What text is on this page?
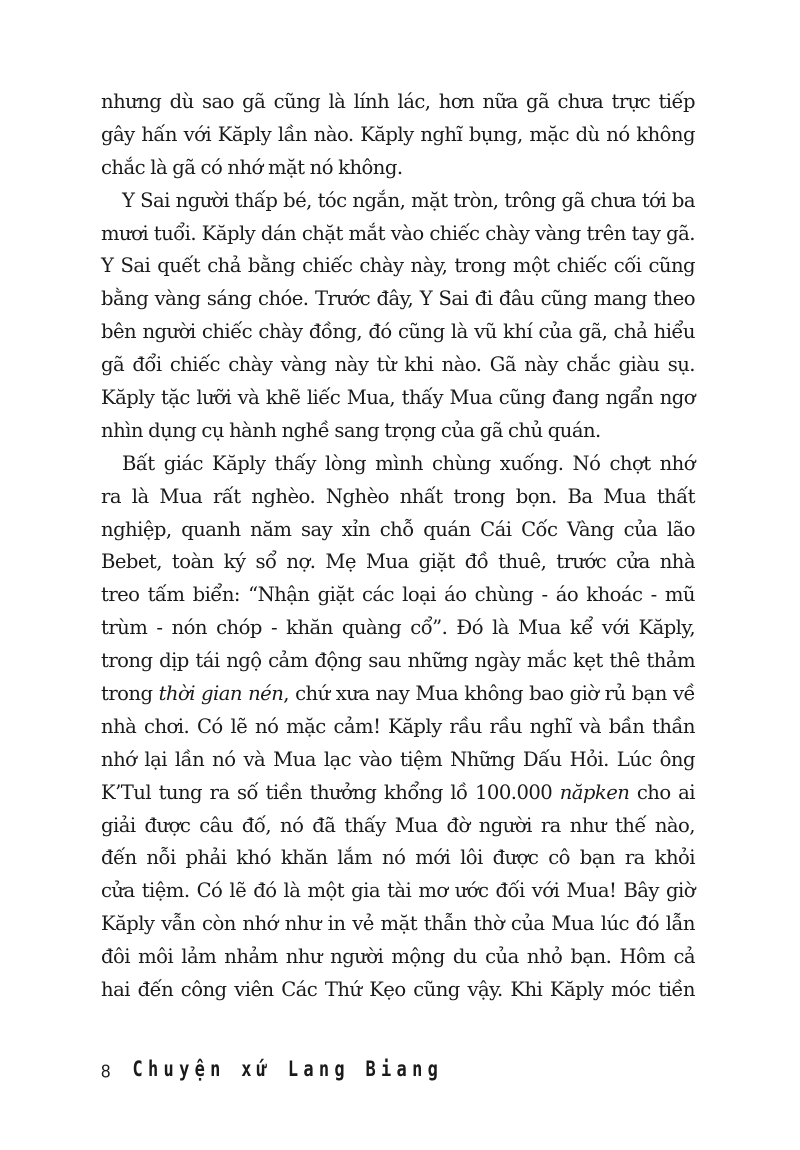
nhưng dù sao gã cũng là lính lác, hơn nữa gã chưa trực tiếp
gây hấn với Kăply lần nào. Kăply nghĩ bụng, mặc dù nó không
chắc là gã có nhớ mặt nó không.

Y Sai người thấp bé, tóc ngắn, mặt tròn, trông gã chưa tới ba
mươi tuổi. Kăply dán chặt mắt vào chiếc chày vàng trên tay gã.
Y Sai quết chả bằng chiếc chày này, trong một chiếc cối cũng
bằng vàng sáng chóe. Trước đây, Y Sai đi đâu cũng mang theo
bên người chiếc chày đồng, đó cũng là vũ khí của gã, chả hiểu
gã đổi chiếc chày vàng này từ khi nào. Gã này chắc giàu sụ.
Kăply tặc lưỡi và khẽ liếc Mua, thấy Mua cũng đang ngẩn ngơ
nhìn dụng cụ hành nghề sang trọng của gã chủ quán.

Bất giác Kăply thấy lòng mình chùng xuống. Nó chợt nhớ
ra là Mua rất nghèo. Nghèo nhất trong bọn. Ba Mua thất
nghiệp, quanh năm say xỉn chỗ quán Cái Cốc Vàng của lão
Bebet, toàn ký sổ nợ. Mẹ Mua giặt đồ thuê, trước cửa nhà
treo tấm biển: “Nhận giặt các loại áo chùng - áo khoác - mũ
trùm - nón chóp - khăn quàng cổ”. Đó là Mua kể với Kăply,
trong dịp tái ngộ cảm động sau những ngày mắc kẹt thê thảm
trong thời gian nén, chứ xưa nay Mua không bao giờ rủ bạn về
nhà chơi. Có lẽ nó mặc cảm! Kăply rầu rầu nghĩ và bần thần
nhớ lại lần nó và Mua lạc vào tiệm Những Dấu Hỏi. Lúc ông
K’Tul tung ra số tiền thưởng khổng lồ 100.000 năpken cho ai
giải được câu đố, nó đã thấy Mua đờ người ra như thế nào,
đến nỗi phải khó khăn lắm nó mới lôi được cô bạn ra khỏi
cửa tiệm. Có lẽ đó là một gia tài mơ ước đối với Mua! Bây giờ
Kăply vẫn còn nhớ như in vẻ mặt thẫn thờ của Mua lúc đó lẫn
đôi môi lảm nhảm như người mộng du của nhỏ bạn. Hôm cả
hai đến công viên Các Thứ Kẹo cũng vậy. Khi Kăply móc tiền

8 Chuyện xứ Lang Biang
